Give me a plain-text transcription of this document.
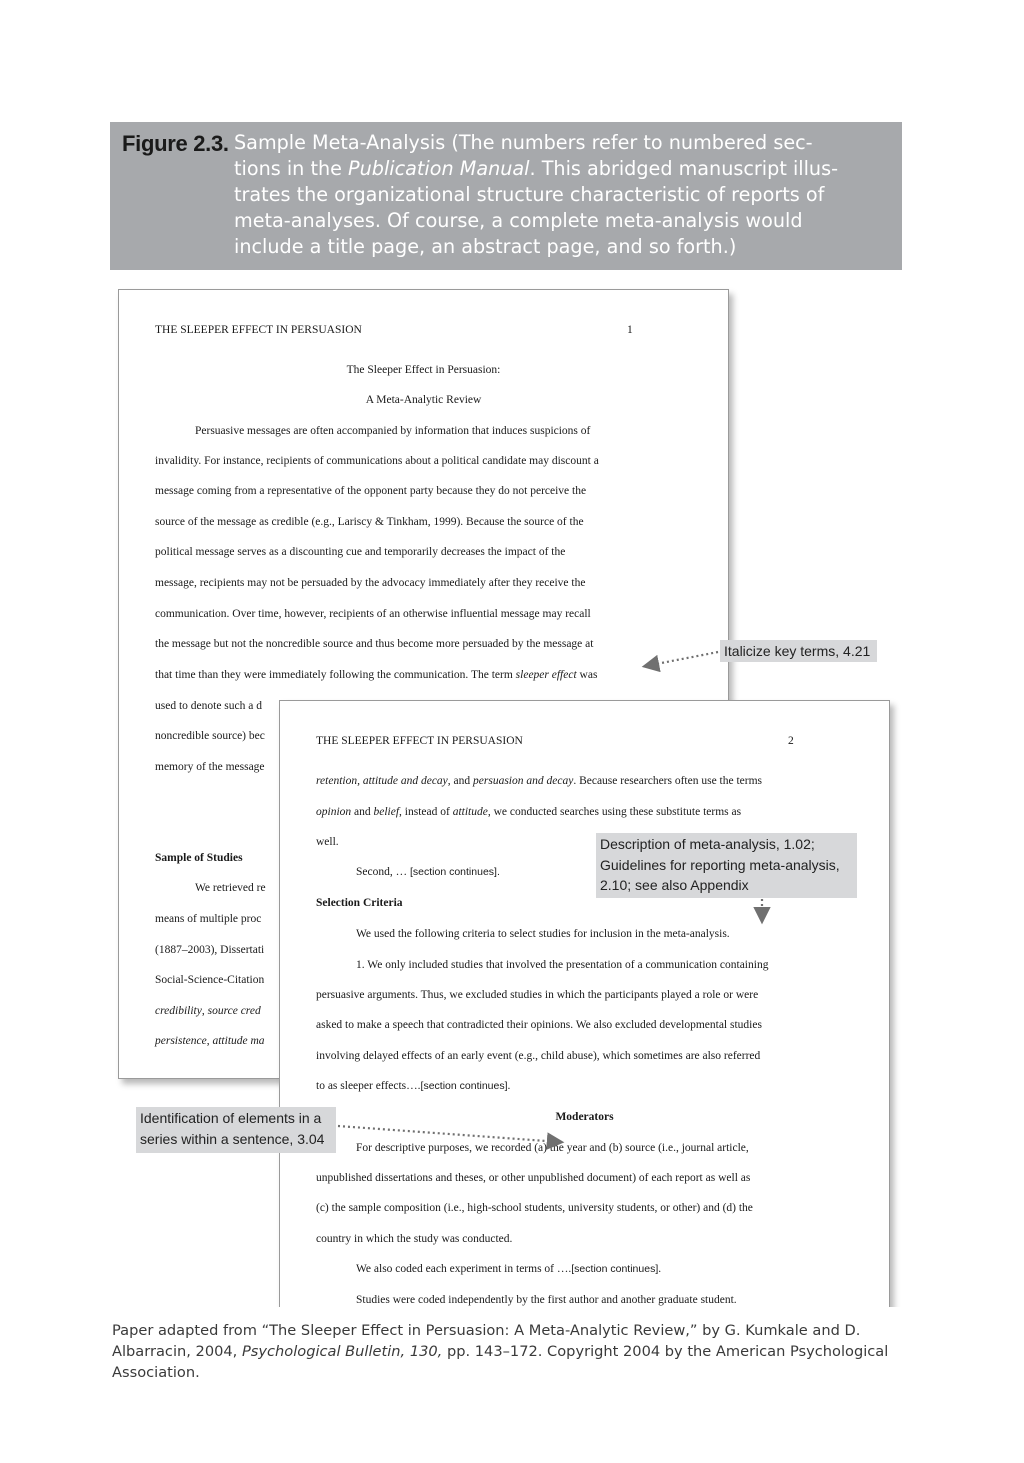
Figure 2.3. Sample Meta-Analysis (The numbers refer to numbered sec-
tions in the Publication Manual. This abridged manuscript illus-
trates the organizational structure characteristic of reports of
meta-analyses. Of course, a complete meta-analysis would
include a title page, an abstract page, and so forth.)
THE SLEEPER EFFECT IN PERSUASION	1
The Sleeper Effect in Persuasion:
A Meta-Analytic Review
Persuasive messages are often accompanied by information that induces suspicions of
invalidity. For instance, recipients of communications about a political candidate may discount a
message coming from a representative of the opponent party because they do not perceive the
source of the message as credible (e.g., Lariscy & Tinkham, 1999). Because the source of the
political message serves as a discounting cue and temporarily decreases the impact of the
message, recipients may not be persuaded by the advocacy immediately after they receive the
communication. Over time, however, recipients of an otherwise influential message may recall
the message but not the noncredible source and thus become more persuaded by the message at
that time than they were immediately following the communication. The term sleeper effect was
used to denote such a d
noncredible source) bec
memory of the message
Sample of Studies
We retrieved re
means of multiple proc
(1887–2003), Dissertati
Social-Science-Citation
credibility, source cred
persistence, attitude ma
THE SLEEPER EFFECT IN PERSUASION	2
retention, attitude and decay, and persuasion and decay. Because researchers often use the terms
opinion and belief, instead of attitude, we conducted searches using these substitute terms as
well.
Second, … [section continues].
Selection Criteria
We used the following criteria to select studies for inclusion in the meta-analysis.
1. We only included studies that involved the presentation of a communication containing
persuasive arguments. Thus, we excluded studies in which the participants played a role or were
asked to make a speech that contradicted their opinions. We also excluded developmental studies
involving delayed effects of an early event (e.g., child abuse), which sometimes are also referred
to as sleeper effects….[section continues].
Moderators
For descriptive purposes, we recorded (a) the year and (b) source (i.e., journal article,
unpublished dissertations and theses, or other unpublished document) of each report as well as
(c) the sample composition (i.e., high-school students, university students, or other) and (d) the
country in which the study was conducted.
We also coded each experiment in terms of ….[section continues].
Studies were coded independently by the first author and another graduate student.
Italicize key terms, 4.21
Description of meta-analysis, 1.02;
Guidelines for reporting meta-analysis,
2.10; see also Appendix
Identification of elements in a
series within a sentence, 3.04
Paper adapted from “The Sleeper Effect in Persuasion: A Meta-Analytic Review,” by G. Kumkale and D.
Albarracin, 2004, Psychological Bulletin, 130, pp. 143–172. Copyright 2004 by the American Psychological
Association.
